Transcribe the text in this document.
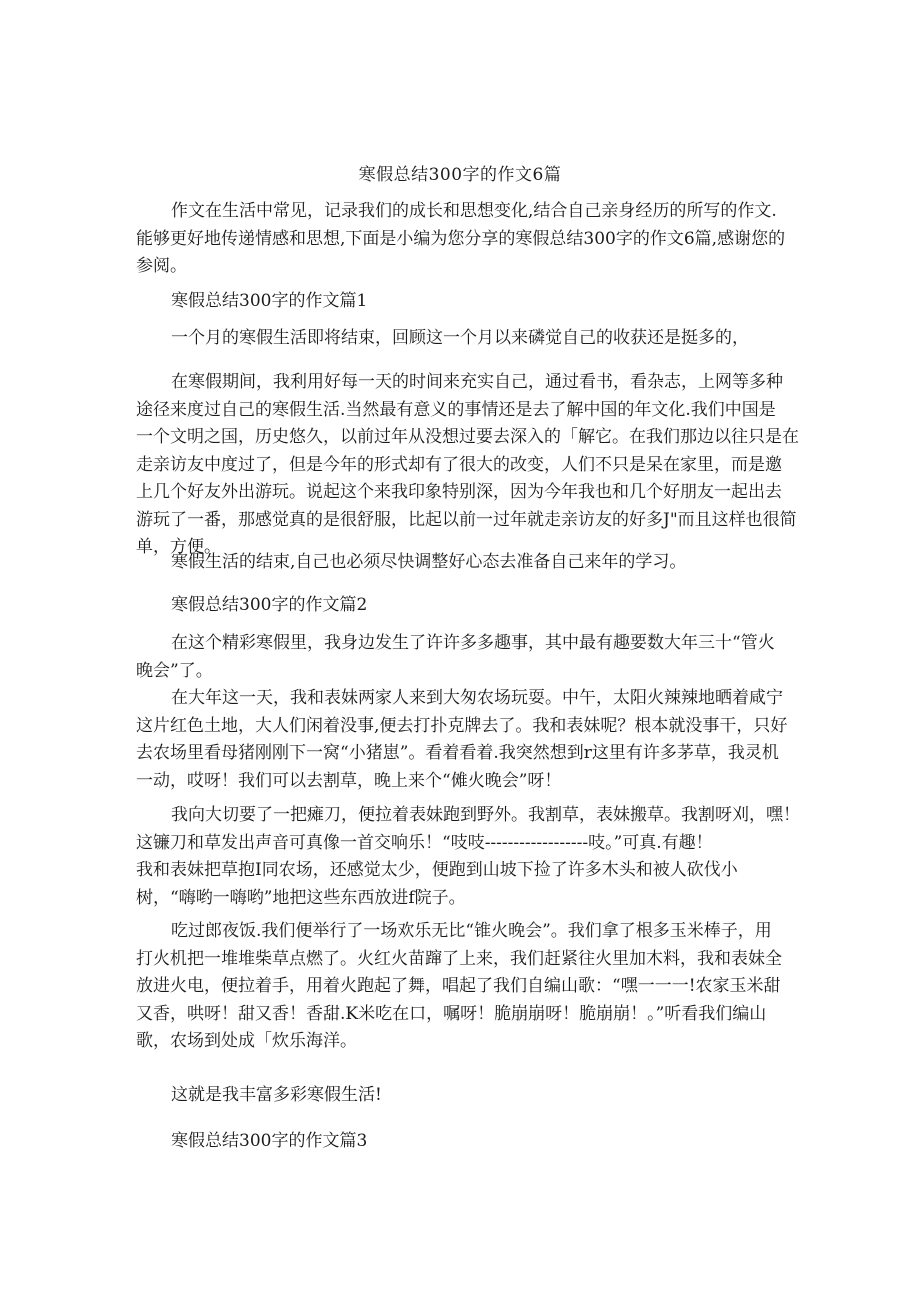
寒假总结300字的作文6篇
作文在生活中常见，记录我们的成长和思想变化,结合自己亲身经历的所写的作文.
能够更好地传递情感和思想,下面是小编为您分享的寒假总结300字的作文6篇,感谢您的
参阅。
寒假总结300字的作文篇1
一个月的寒假生活即将结束，回顾这一个月以来磷觉自己的收获还是挺多的，
在寒假期间，我利用好每一天的时间来充实自己，通过看书，看杂志，上网等多种
途径来度过自己的寒假生活.当然最有意义的事情还是去了解中国的年文化.我们中国是
一个文明之国，历史悠久，以前过年从没想过要去深入的「解它。在我们那边以往只是在
走亲访友中度过了，但是今年的形式却有了很大的改变，人们不只是呆在家里，而是邀
上几个好友外出游玩。说起这个来我印象特别深，因为今年我也和几个好朋友一起出去
游玩了一番，那感觉真的是很舒服，比起以前一过年就走亲访友的好多J"而且这样也很简
单，方便。
寒假生活的结束,自己也必须尽快调整好心态去准备自己来年的学习。
寒假总结300字的作文篇2
在这个精彩寒假里，我身边发生了许许多多趣事，其中最有趣要数大年三十“管火
晚会”了。
在大年这一天，我和表妹两家人来到大匆农场玩耍。中午，太阳火辣辣地晒着咸宁
这片红色土地，大人们闲着没事,便去打扑克牌去了。我和表妹呢？根本就没事干，只好
去农场里看母猪刚刚下一窝“小猪崽”。看着看着.我突然想到r这里有许多茅草，我灵机
一动，哎呀！我们可以去割草，晚上来个“傩火晚会”呀！
我向大切要了一把瘫刀，便拉着表妹跑到野外。我割草，表妹搬草。我割呀刈，嘿！
这镰刀和草发出声音可真像一首交响乐！“吱吱------------------吱。”可真.有趣！
我和表妹把草抱I同农场，还感觉太少，便跑到山坡下捡了许多木头和被人砍伐小
树，“嗨哟一嗨哟”地把这些东西放进f院子。
吃过郎夜饭.我们便举行了一场欢乐无比“锥火晚会”。我们拿了根多玉米棒子，用
打火机把一堆堆柴草点燃了。火红火苗蹿了上来，我们赶紧往火里加木料，我和表妹全
放进火电，便拉着手，用着火跑起了舞，唱起了我们自编山歌：“嘿一一一!农家玉米甜
又香，哄呀！甜又香！香甜.K米吃在口，嘱呀！脆崩崩呀！脆崩崩！。”听看我们编山
歌，农场到处成「炊乐海洋。
这就是我丰富多彩寒假生活!
寒假总结300字的作文篇3
